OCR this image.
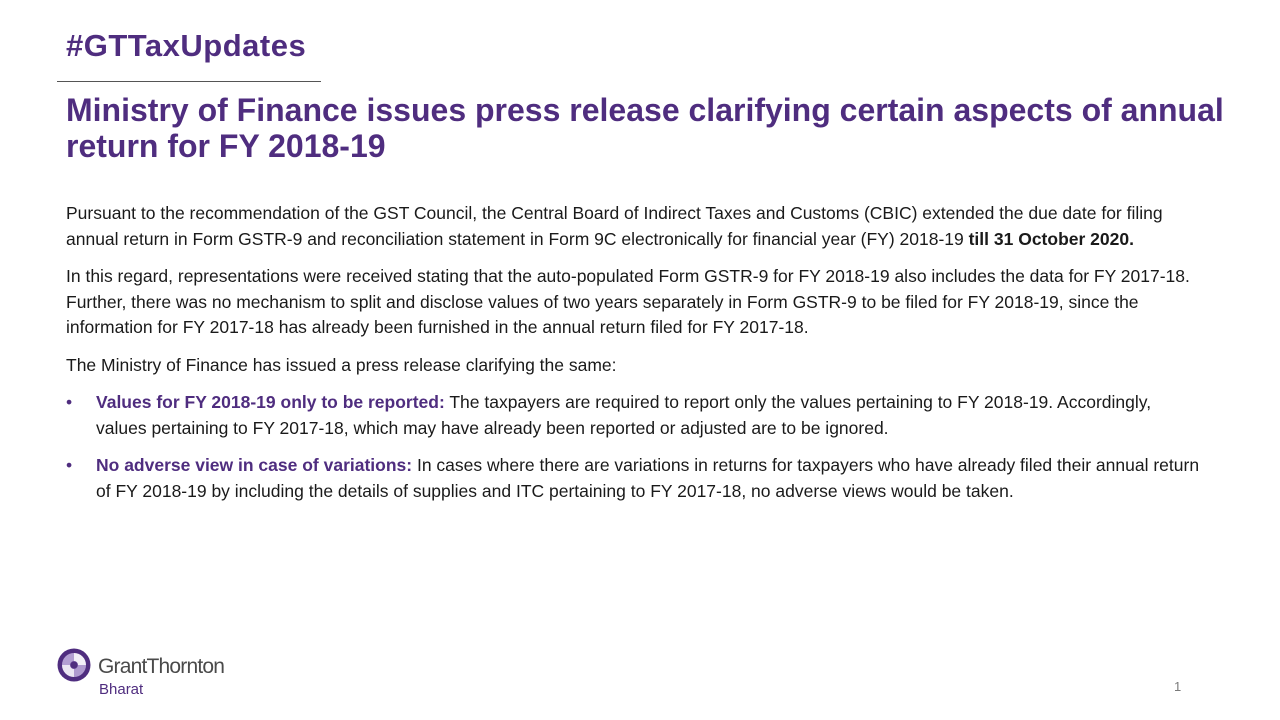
#GTTaxUpdates
Ministry of Finance issues press release clarifying certain aspects of annual return for FY 2018-19

Pursuant to the recommendation of the GST Council, the Central Board of Indirect Taxes and Customs (CBIC) extended the due date for filing annual return in Form GSTR-9 and reconciliation statement in Form 9C electronically for financial year (FY) 2018-19 till 31 October 2020.

In this regard, representations were received stating that the auto-populated Form GSTR-9 for FY 2018-19 also includes the data for FY 2017-18. Further, there was no mechanism to split and disclose values of two years separately in Form GSTR-9 to be filed for FY 2018-19, since the information for FY 2017-18 has already been furnished in the annual return filed for FY 2017-18.

The Ministry of Finance has issued a press release clarifying the same:

• Values for FY 2018-19 only to be reported: The taxpayers are required to report only the values pertaining to FY 2018-19. Accordingly, values pertaining to FY 2017-18, which may have already been reported or adjusted are to be ignored.
• No adverse view in case of variations: In cases where there are variations in returns for taxpayers who have already filed their annual return of FY 2018-19 by including the details of supplies and ITC pertaining to FY 2017-18, no adverse views would be taken.
GrantThornton
Bharat	1
